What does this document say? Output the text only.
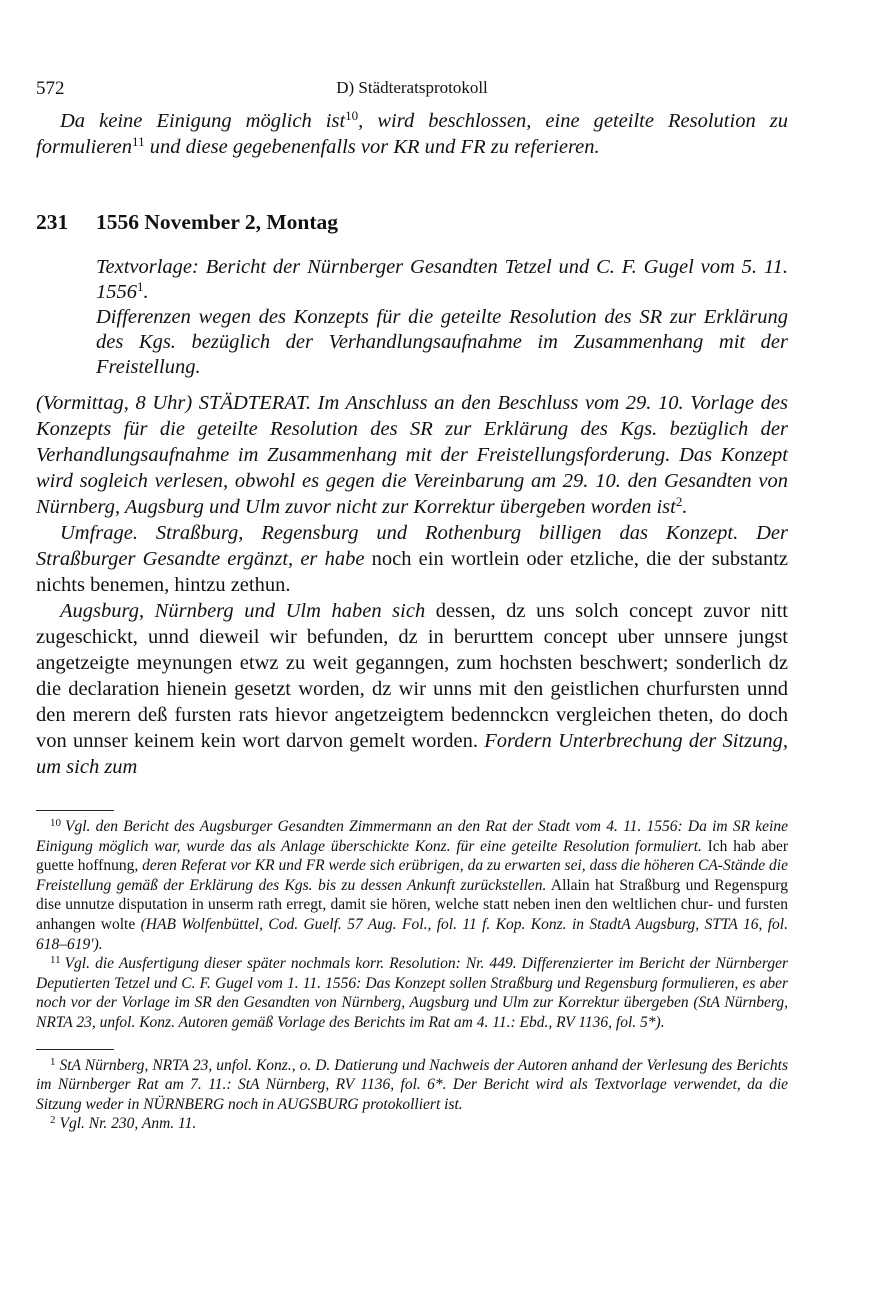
D) Städteratsprotokoll
572

Da keine Einigung möglich ist$^{10}$, wird beschlossen, eine geteilte Resolution zu formulieren$^{11}$ und diese gegebenenfalls vor KR und FR zu referieren.

231 1556 November 2, Montag

Textvorlage: Bericht der Nürnberger Gesandten Tetzel und C. F. Gugel vom 5. 11. 1556$^1$.

Differenzen wegen des Konzepts für die geteilte Resolution des SR zur Erklärung des Kgs. bezüglich der Verhandlungsaufnahme im Zusammenhang mit der Freistellung.

(Vormittag, 8 Uhr) STÄDTERAT. Im Anschluss an den Beschluss vom 29. 10. Vorlage des Konzepts für die geteilte Resolution des SR zur Erklärung des Kgs. bezüglich der Verhandlungsaufnahme im Zusammenhang mit der Freistellungsforderung. Das Konzept wird sogleich verlesen, obwohl es gegen die Vereinbarung am 29. 10. den Gesandten von Nürnberg, Augsburg und Ulm zuvor nicht zur Korrektur übergeben worden ist$^2$.

Umfrage. Straßburg, Regensburg und Rothenburg billigen das Konzept. Der Straßburger Gesandte ergänzt, er habe noch ein wortlein oder etzliche, die der substantz nichts benemen, hintzu zethun.

Augsburg, Nürnberg und Ulm haben sich dessen, dz uns solch concept zuvor nitt zugeschickt, unnd dieweil wir befunden, dz in berurttem concept uber unnsere jungst angetzeigte meynungen etwz zu weit geganngen, zum hochsten beschwert; sonderlich dz die declaration hienein gesetzt worden, dz wir unns mit den geistlichen churfursten unnd den merern deß fursten rats hievor angetzeigtem bedennckcn vergleichen theten, do doch von unnser keinem kein wort darvon gemelt worden. Fordern Unterbrechung der Sitzung, um sich zum

$^{10}$ Vgl. den Bericht des Augsburger Gesandten Zimmermann an den Rat der Stadt vom 4. 11. 1556: Da im SR keine Einigung möglich war, wurde das als Anlage überschickte Konz. für eine geteilte Resolution formuliert. Ich hab aber guette hoffnung, deren Referat vor KR und FR werde sich erübrigen, da zu erwarten sei, dass die höheren CA-Stände die Freistellung gemäß der Erklärung des Kgs. bis zu dessen Ankunft zurückstellen. Allain hat Straßburg und Regenspurg dise unnutze disputation in unserm rath erregt, damit sie hören, welche statt neben inen den weltlichen chur- und fursten anhangen wolte (HAB Wolfenbüttel, Cod. Guelf. 57 Aug. Fol., fol. 11 f. Kop. Konz. in StadtA Augsburg, STTA 16, fol. 618–619').

$^{11}$ Vgl. die Ausfertigung dieser später nochmals korr. Resolution: Nr. 449. Differenzierter im Bericht der Nürnberger Deputierten Tetzel und C. F. Gugel vom 1. 11. 1556: Das Konzept sollen Straßburg und Regensburg formulieren, es aber noch vor der Vorlage im SR den Gesandten von Nürnberg, Augsburg und Ulm zur Korrektur übergeben (StA Nürnberg, NRTA 23, unfol. Konz. Autoren gemäß Vorlage des Berichts im Rat am 4. 11.: Ebd., RV 1136, fol. 5*).

$^1$ StA Nürnberg, NRTA 23, unfol. Konz., o. D. Datierung und Nachweis der Autoren anhand der Verlesung des Berichts im Nürnberger Rat am 7. 11.: StA Nürnberg, RV 1136, fol. 6*. Der Bericht wird als Textvorlage verwendet, da die Sitzung weder in NÜRNBERG noch in AUGSBURG protokolliert ist.

$^2$ Vgl. Nr. 230, Anm. 11.
